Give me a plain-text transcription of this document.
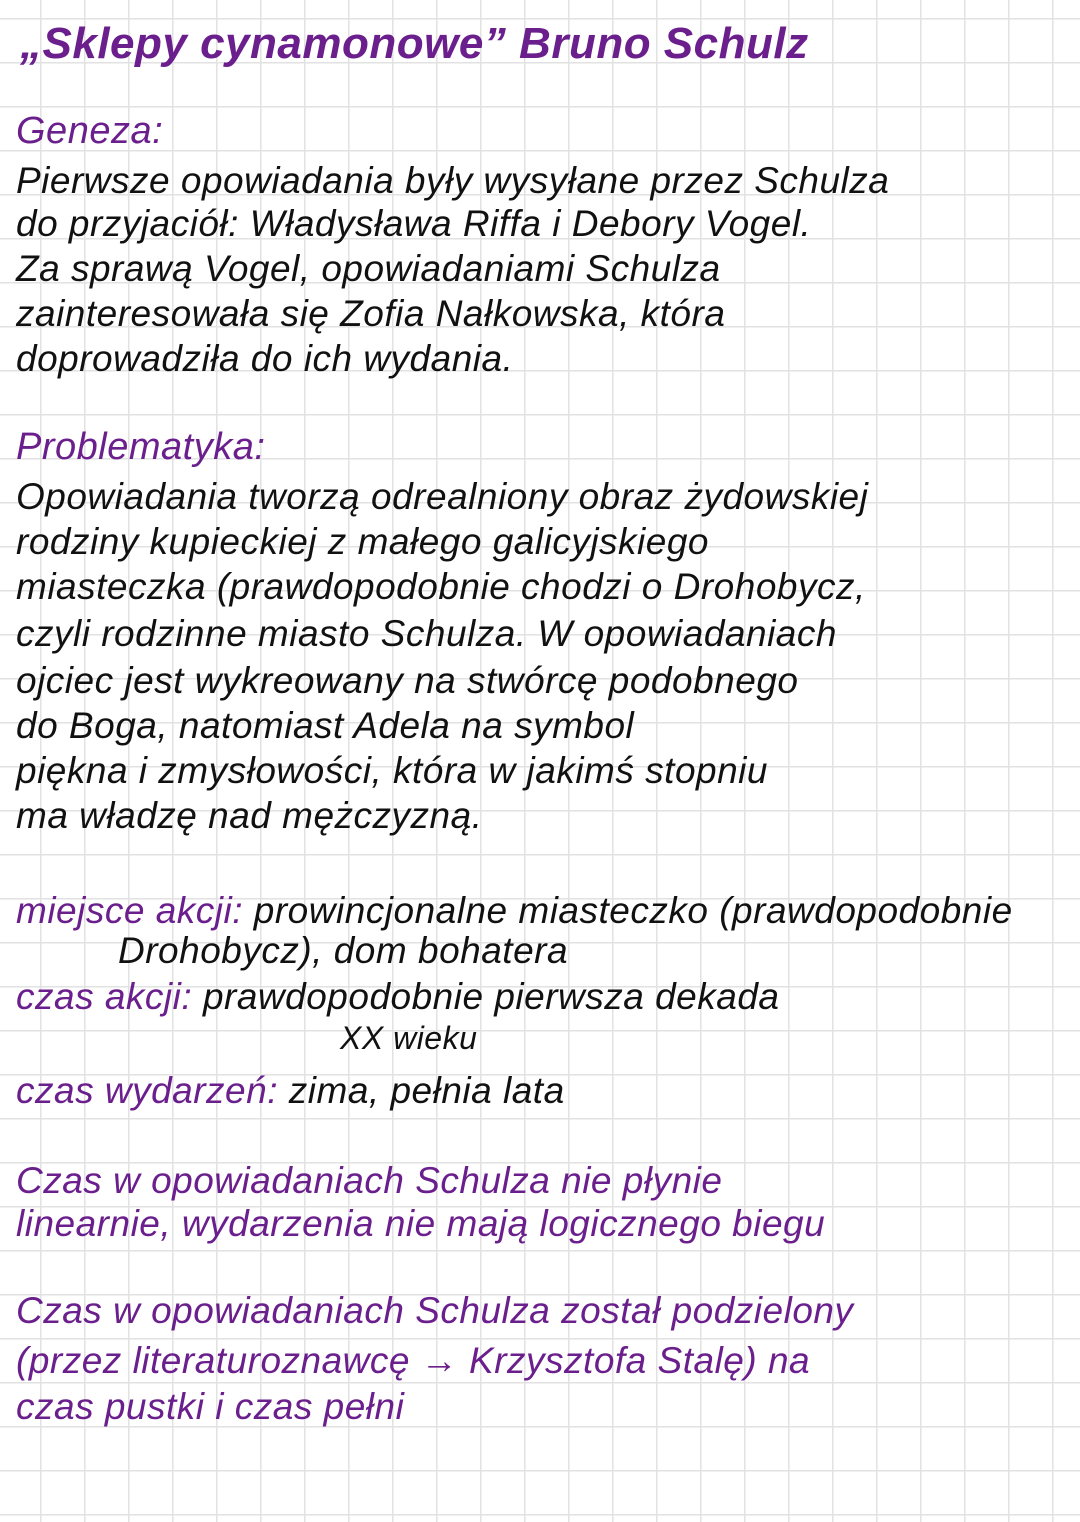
„Sklepy cynamonowe” Bruno Schulz
Geneza:
Pierwsze opowiadania były wysyłane przez Schulza
do przyjaciół: Władysława Riffa i Debory Vogel.
Za sprawą Vogel, opowiadaniami Schulza
zainteresowała się Zofia Nałkowska, która
doprowadziła do ich wydania.
Problematyka:
Opowiadania tworzą odrealniony obraz żydowskiej
rodziny kupieckiej z małego galicyjskiego
miasteczka (prawdopodobnie chodzi o Drohobycz,
czyli rodzinne miasto Schulza. W opowiadaniach
ojciec jest wykreowany na stwórcę podobnego
do Boga, natomiast Adela na symbol
piękna i zmysłowości, która w jakimś stopniu
ma władzę nad mężczyzną.
miejsce akcji: prowincjonalne miasteczko (prawdopodobnie
Drohobycz), dom bohatera
czas akcji: prawdopodobnie pierwsza dekada
XX wieku
czas wydarzeń: zima, pełnia lata
Czas w opowiadaniach Schulza nie płynie
linearnie, wydarzenia nie mają logicznego biegu
Czas w opowiadaniach Schulza został podzielony
(przez literaturoznawcę → Krzysztofa Stalę) na
czas pustki i czas pełni
